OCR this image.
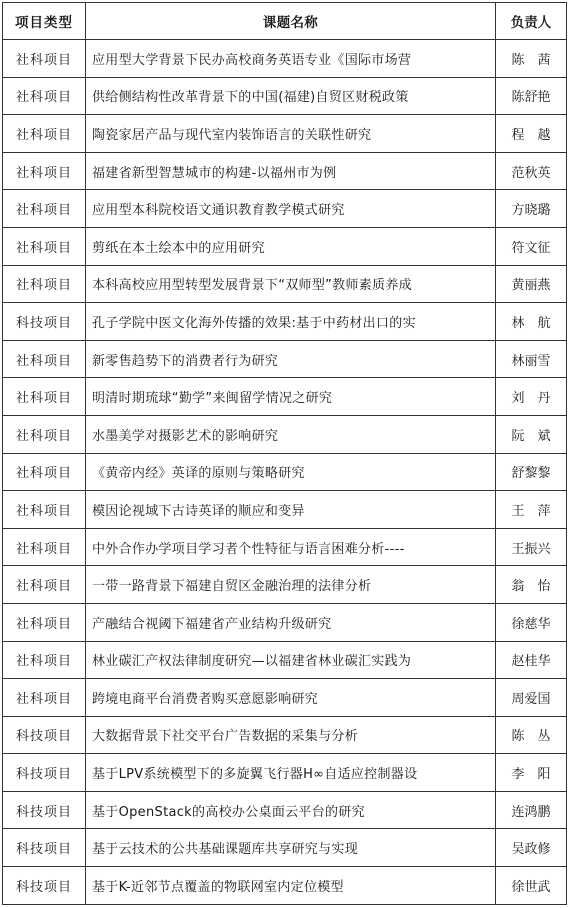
项目类型	课题名称	负责人
社科项目	应用型大学背景下民办高校商务英语专业《国际市场营	陈　茜
社科项目	供给侧结构性改革背景下的中国(福建)自贸区财税政策	陈舒艳
社科项目	陶瓷家居产品与现代室内装饰语言的关联性研究	程　越
社科项目	福建省新型智慧城市的构建-以福州市为例	范秋英
社科项目	应用型本科院校语文通识教育教学模式研究	方晓璐
社科项目	剪纸在本土绘本中的应用研究	符文征
社科项目	本科高校应用型转型发展背景下“双师型”教师素质养成	黄丽燕
科技项目	孔子学院中医文化海外传播的效果:基于中药材出口的实	林　航
社科项目	新零售趋势下的消费者行为研究	林丽雪
社科项目	明清时期琉球“勤学”来闽留学情况之研究	刘　丹
社科项目	水墨美学对摄影艺术的影响研究	阮　斌
社科项目	《黄帝内经》英译的原则与策略研究	舒黎黎
社科项目	模因论视域下古诗英译的顺应和变异	王　萍
社科项目	中外合作办学项目学习者个性特征与语言困难分析----	王振兴
社科项目	一带一路背景下福建自贸区金融治理的法律分析	翁　怡
社科项目	产融结合视阈下福建省产业结构升级研究	徐慈华
社科项目	林业碳汇产权法律制度研究—以福建省林业碳汇实践为	赵桂华
社科项目	跨境电商平台消费者购买意愿影响研究	周爱国
科技项目	大数据背景下社交平台广告数据的采集与分析	陈　丛
科技项目	基于LPV系统模型下的多旋翼飞行器H∞自适应控制器设	李　阳
科技项目	基于OpenStack的高校办公桌面云平台的研究	连鸿鹏
科技项目	基于云技术的公共基础课题库共享研究与实现	吴政修
科技项目	基于K-近邻节点覆盖的物联网室内定位模型	徐世武
